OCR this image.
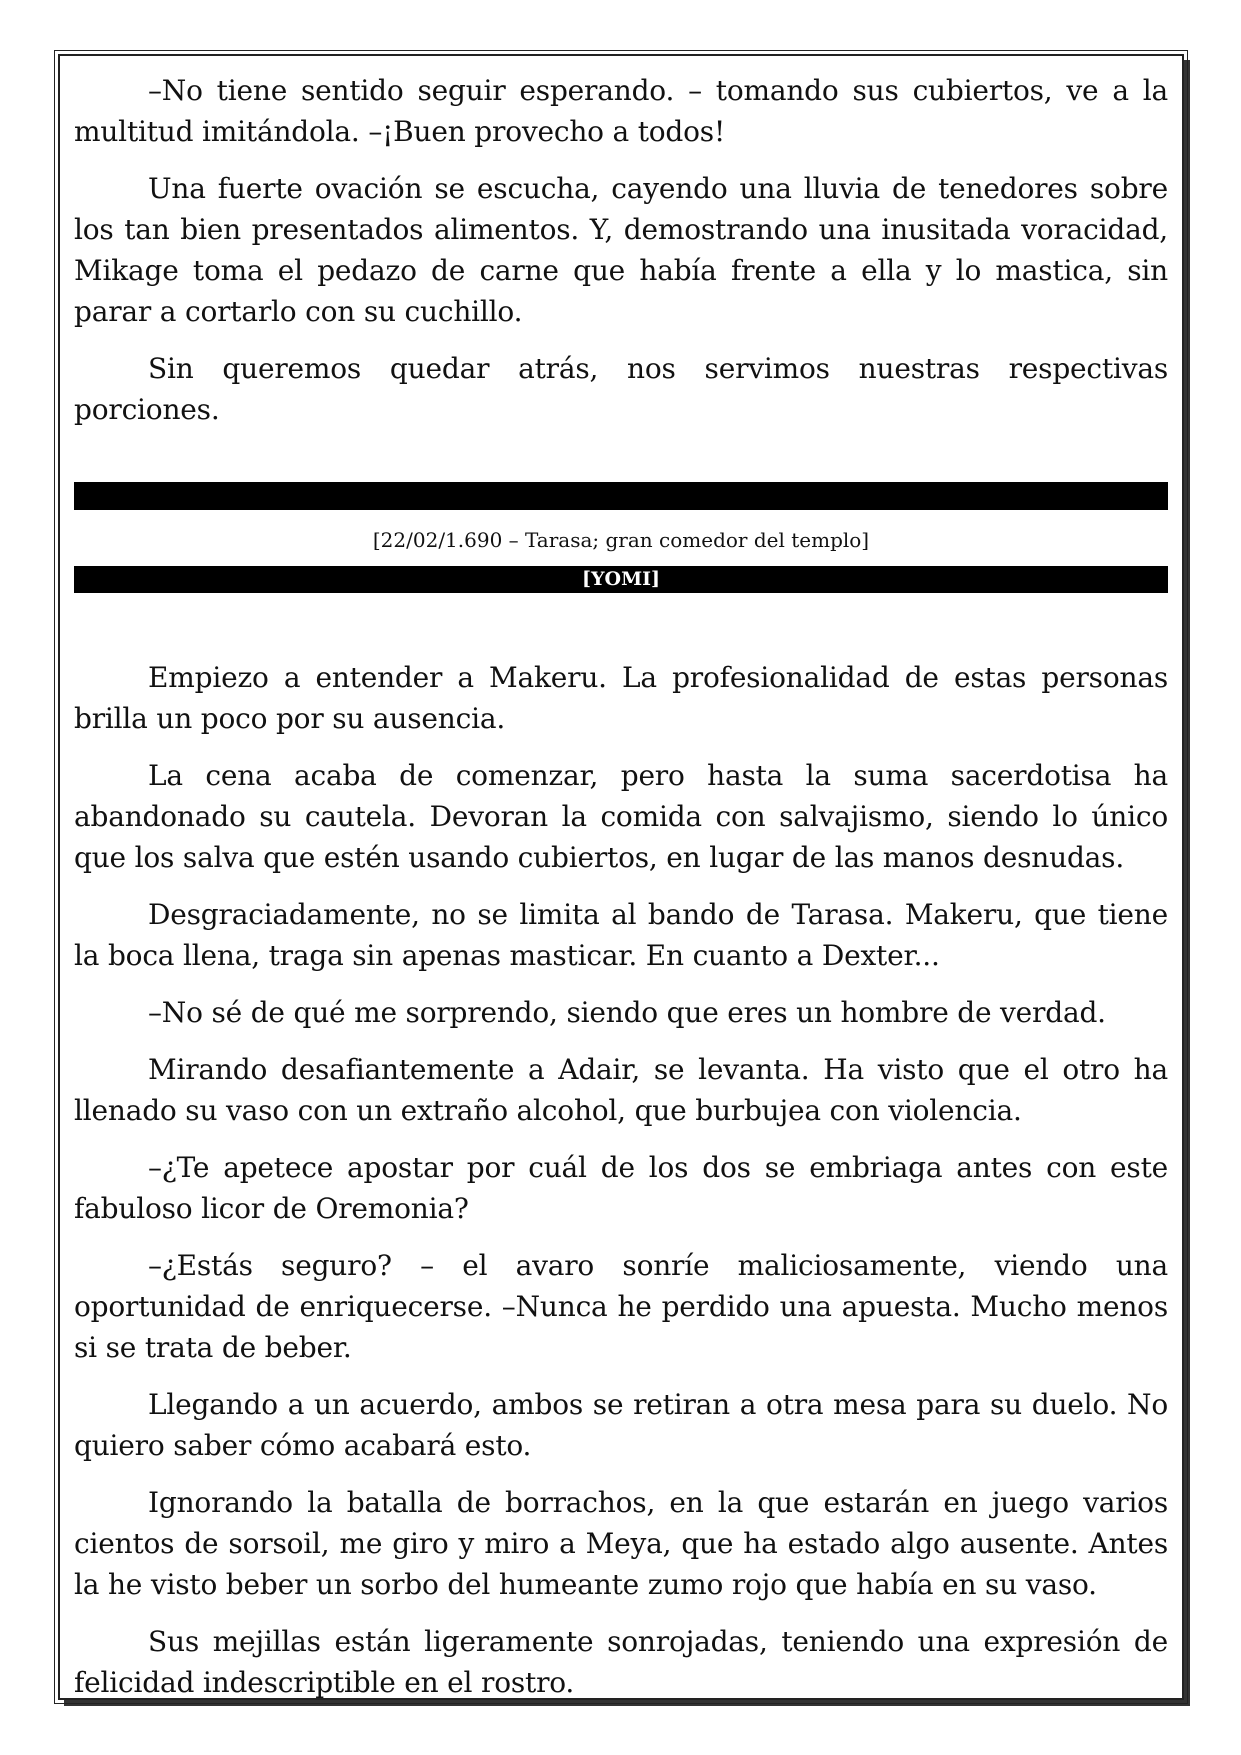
–No tiene sentido seguir esperando. – tomando sus cubiertos, ve a la multitud imitándola. –¡Buen provecho a todos!

Una fuerte ovación se escucha, cayendo una lluvia de tenedores sobre los tan bien presentados alimentos. Y, demostrando una inusitada voracidad, Mikage toma el pedazo de carne que había frente a ella y lo mastica, sin parar a cortarlo con su cuchillo.

Sin queremos quedar atrás, nos servimos nuestras respectivas porciones.

[22/02/1.690 – Tarasa; gran comedor del templo]
[YOMI]

Empiezo a entender a Makeru. La profesionalidad de estas personas brilla un poco por su ausencia.

La cena acaba de comenzar, pero hasta la suma sacerdotisa ha abandonado su cautela. Devoran la comida con salvajismo, siendo lo único que los salva que estén usando cubiertos, en lugar de las manos desnudas.

Desgraciadamente, no se limita al bando de Tarasa. Makeru, que tiene la boca llena, traga sin apenas masticar. En cuanto a Dexter...

–No sé de qué me sorprendo, siendo que eres un hombre de verdad.

Mirando desafiantemente a Adair, se levanta. Ha visto que el otro ha llenado su vaso con un extraño alcohol, que burbujea con violencia.

–¿Te apetece apostar por cuál de los dos se embriaga antes con este fabuloso licor de Oremonia?

–¿Estás seguro? – el avaro sonríe maliciosamente, viendo una oportunidad de enriquecerse. –Nunca he perdido una apuesta. Mucho menos si se trata de beber.

Llegando a un acuerdo, ambos se retiran a otra mesa para su duelo. No quiero saber cómo acabará esto.

Ignorando la batalla de borrachos, en la que estarán en juego varios cientos de sorsoil, me giro y miro a Meya, que ha estado algo ausente. Antes la he visto beber un sorbo del humeante zumo rojo que había en su vaso.

Sus mejillas están ligeramente sonrojadas, teniendo una expresión de felicidad indescriptible en el rostro.
